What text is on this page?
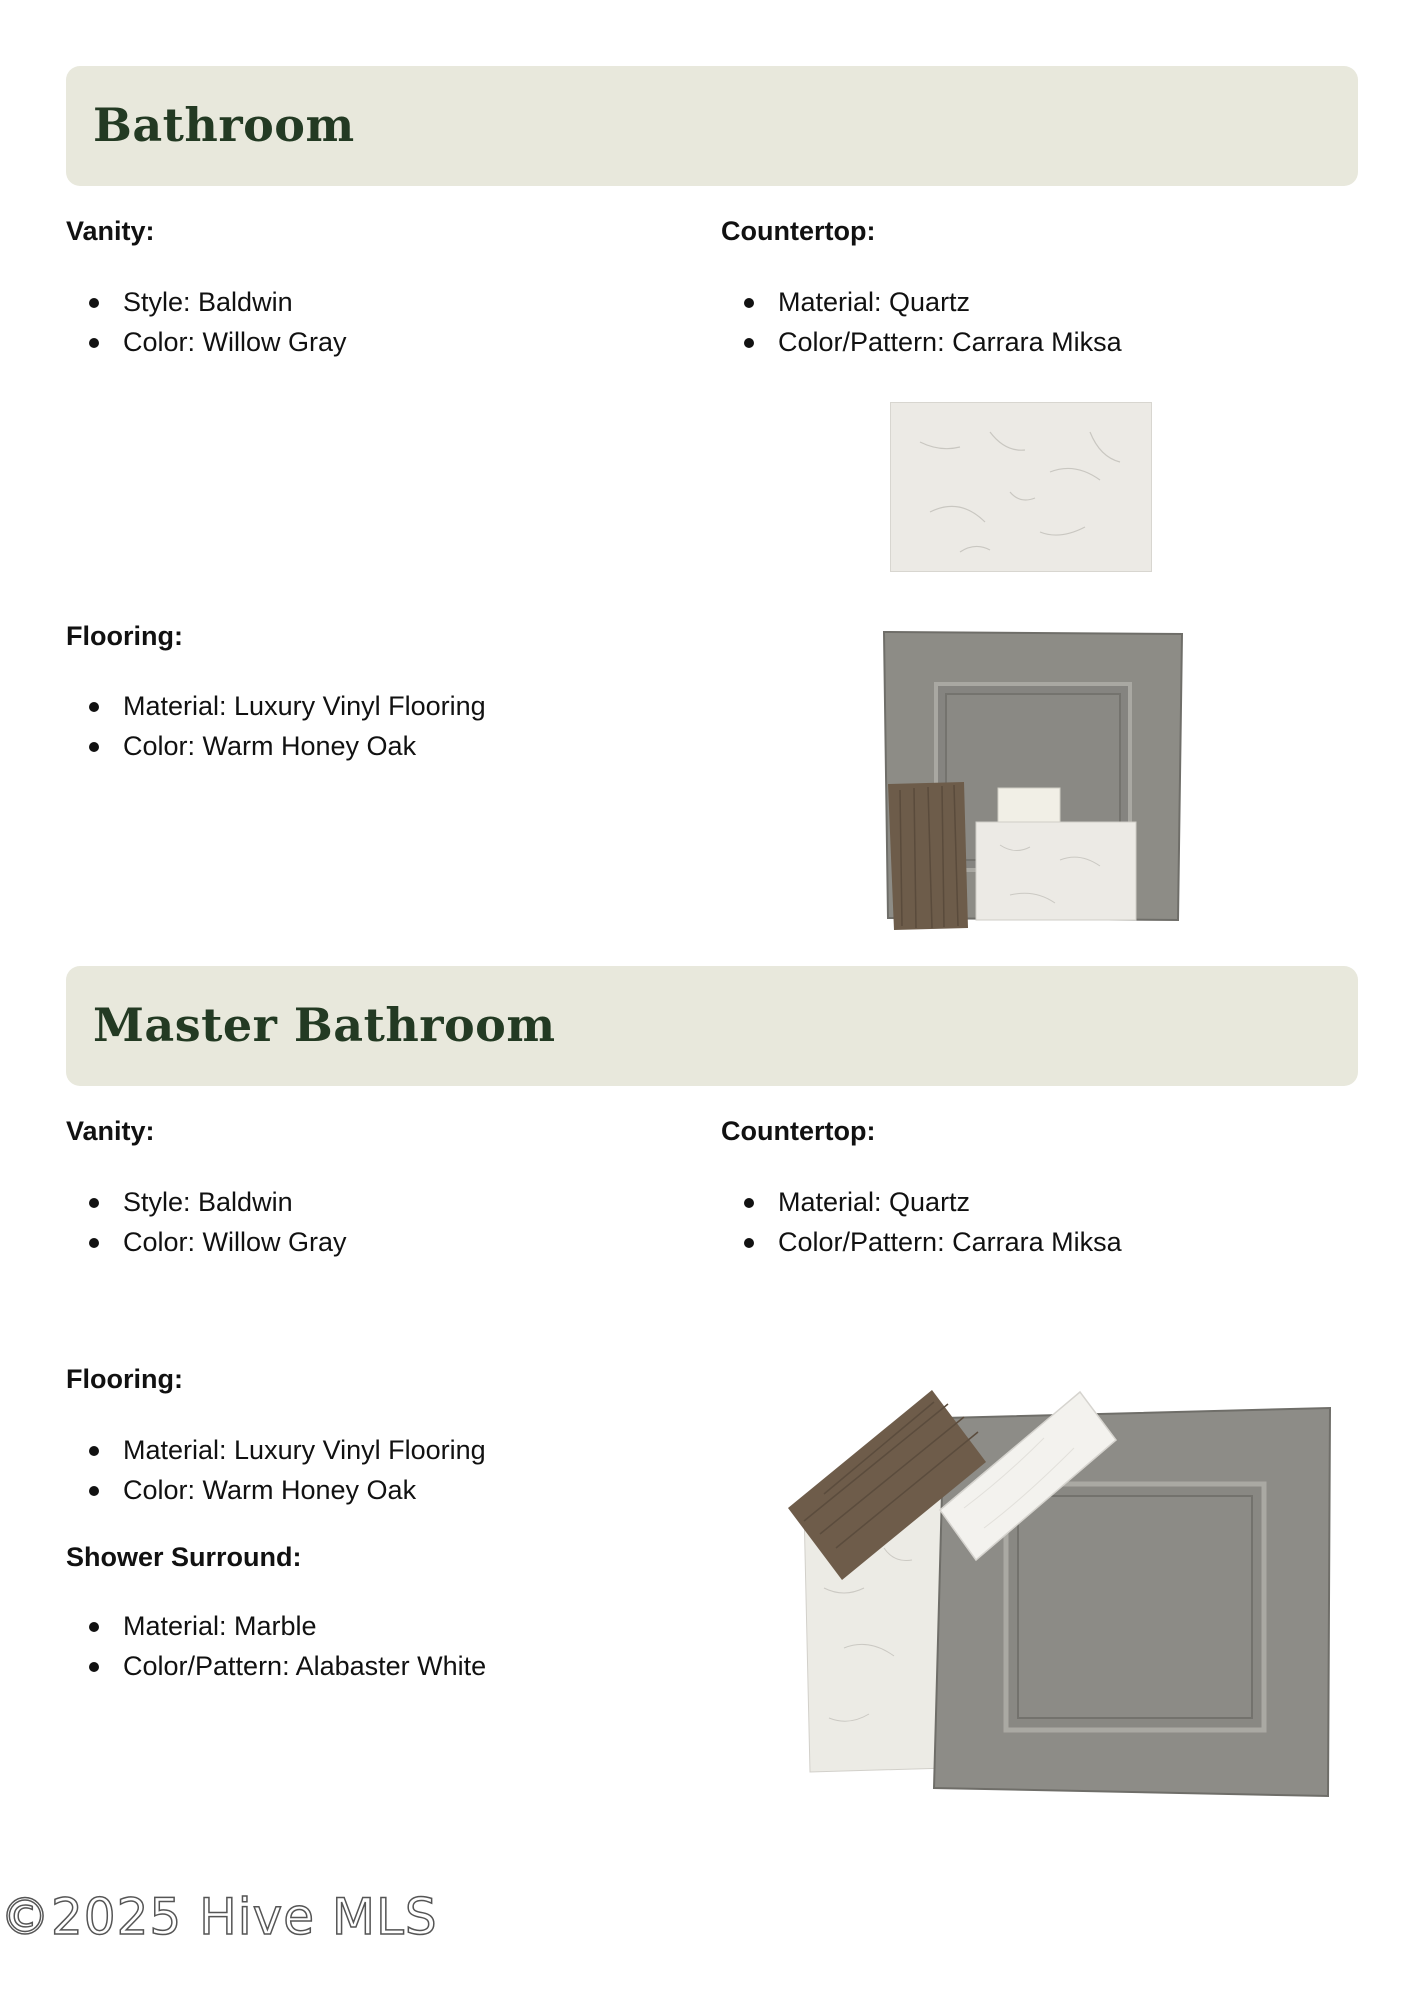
Bathroom

Vanity:

Style: Baldwin
Color: Willow Gray

Countertop:

Material: Quartz
Color/Pattern: Carrara Miksa

Flooring:

Material: Luxury Vinyl Flooring
Color: Warm Honey Oak
Master Bathroom

Vanity:

Style: Baldwin
Color: Willow Gray

Countertop:

Material: Quartz
Color/Pattern: Carrara Miksa

Flooring:

Material: Luxury Vinyl Flooring
Color: Warm Honey Oak

Shower Surround:

Material: Marble
Color/Pattern: Alabaster White
©2025 Hive MLS
